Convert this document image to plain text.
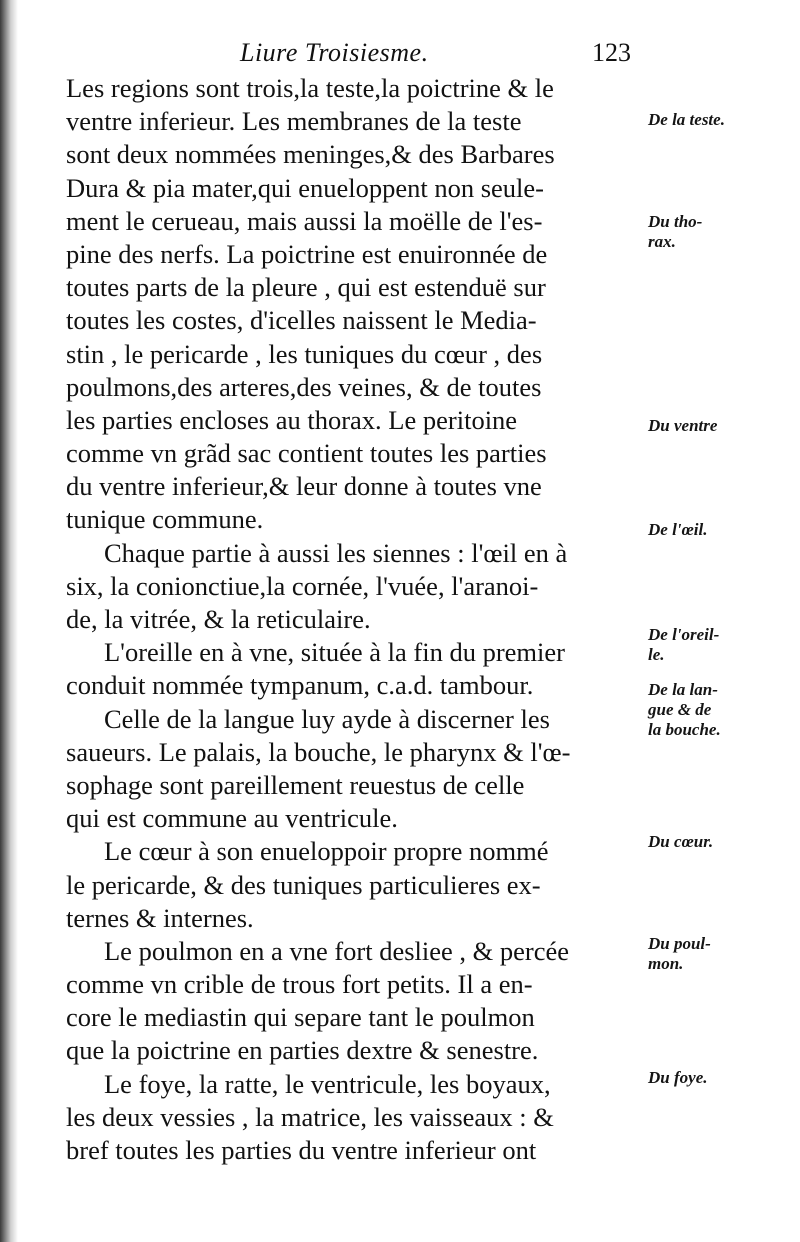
Liure Troisiesme.	123
Les regions sont trois,la teste,la poictrine & le
ventre inferieur. Les membranes de la teste
sont deux nommées meninges,& des Barbares
Dura & pia mater,qui enueloppent non seule-
ment le cerueau, mais aussi la moëlle de l'es-
pine des nerfs. La poictrine est enuironnée de
toutes parts de la pleure , qui est estenduë sur
toutes les costes, d'icelles naissent le Media-
stin , le pericarde , les tuniques du cœur , des
poulmons,des arteres,des veines, & de toutes
les parties encloses au thorax. Le peritoine
comme vn grãd sac contient toutes les parties
du ventre inferieur,& leur donne à toutes vne
tunique commune.
Chaque partie à aussi les siennes : l'œil en à
six, la conionctiue,la cornée, l'vuée, l'aranoi-
de, la vitrée, & la reticulaire.
L'oreille en à vne, située à la fin du premier
conduit nommée tympanum, c.a.d. tambour.
Celle de la langue luy ayde à discerner les
saueurs. Le palais, la bouche, le pharynx & l'œ-
sophage sont pareillement reuestus de celle
qui est commune au ventricule.
Le cœur à son enueloppoir propre nommé
le pericarde, & des tuniques particulieres ex-
ternes & internes.
Le poulmon en a vne fort desliee , & percée
comme vn crible de trous fort petits. Il a en-
core le mediastin qui separe tant le poulmon
que la poictrine en parties dextre & senestre.
Le foye, la ratte, le ventricule, les boyaux,
les deux vessies , la matrice, les vaisseaux : &
bref toutes les parties du ventre inferieur ont
De la teste.
Du tho-
rax.
Du ventre
De l'œil.
De l'oreil-
le.
De la lan-
gue & de
la bouche.
Du cœur.
Du poul-
mon.
Du foye.
